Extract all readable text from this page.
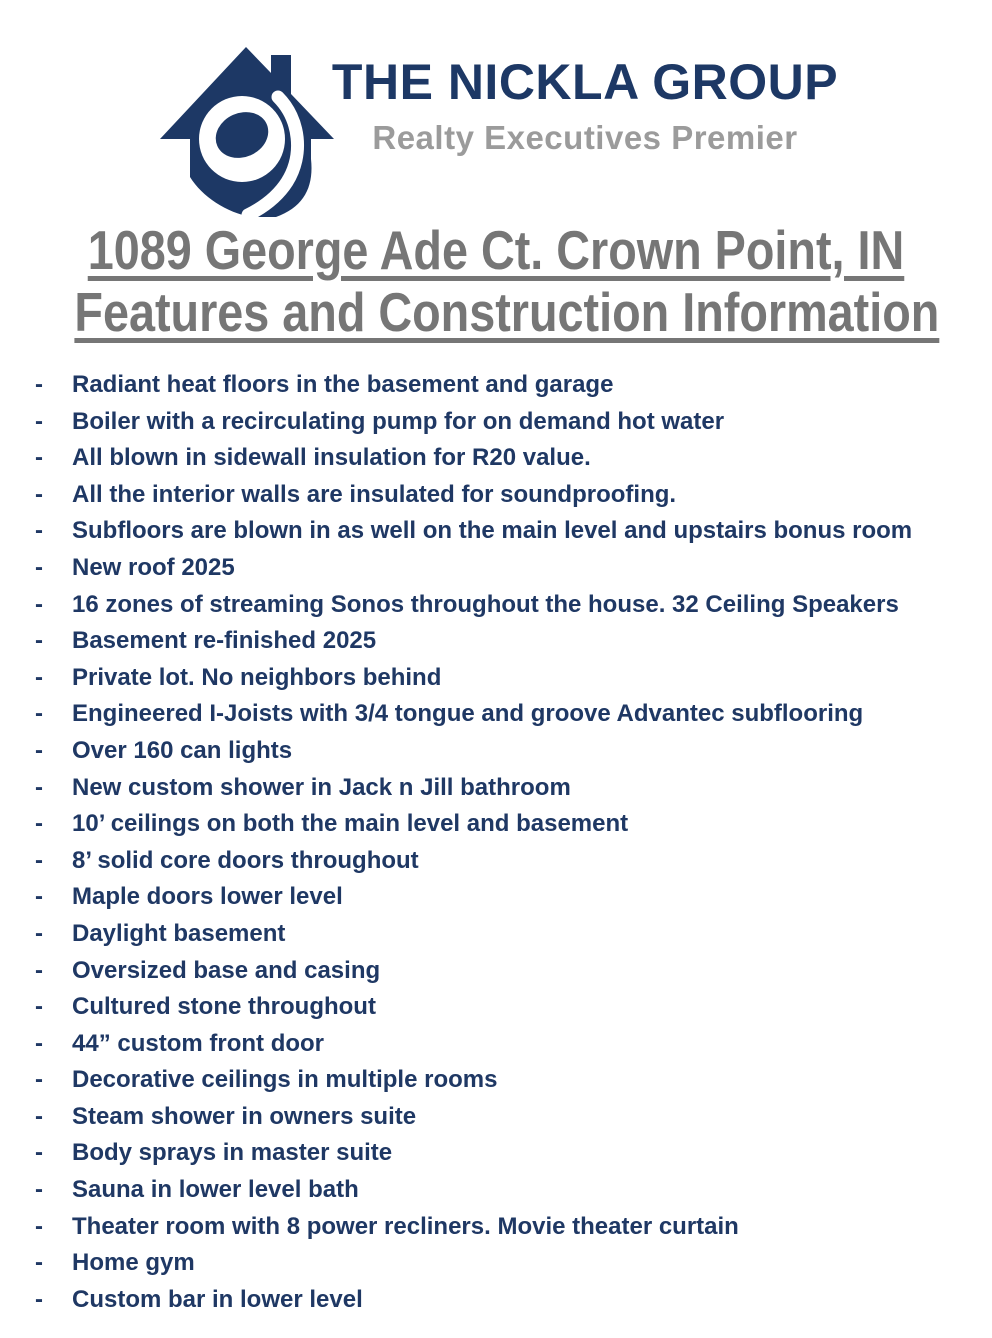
THE NICKLA GROUP
Realty Executives Premier
1089 George Ade Ct. Crown Point, IN
Features and Construction Information
-	Radiant heat floors in the basement and garage
-	Boiler with a recirculating pump for on demand hot water
-	All blown in sidewall insulation for R20 value.
-	All the interior walls are insulated for soundproofing.
-	Subfloors are blown in as well on the main level and upstairs bonus room
-	New roof 2025
-	16 zones of streaming Sonos throughout the house. 32 Ceiling Speakers
-	Basement re-finished 2025
-	Private lot. No neighbors behind
-	Engineered I-Joists with 3/4 tongue and groove Advantec subflooring
-	Over 160 can lights
-	New custom shower in Jack n Jill bathroom
-	10’ ceilings on both the main level and basement
-	8’ solid core doors throughout
-	Maple doors lower level
-	Daylight basement
-	Oversized base and casing
-	Cultured stone throughout
-	44” custom front door
-	Decorative ceilings in multiple rooms
-	Steam shower in owners suite
-	Body sprays in master suite
-	Sauna in lower level bath
-	Theater room with 8 power recliners. Movie theater curtain
-	Home gym
-	Custom bar in lower level
